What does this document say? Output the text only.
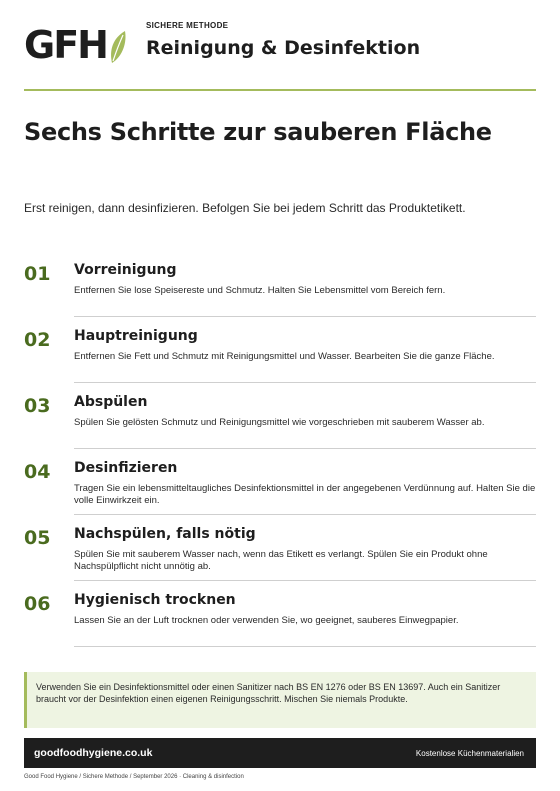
GFH	SICHERE METHODE
Reinigung & Desinfektion
Sechs Schritte zur sauberen Fläche

Erst reinigen, dann desinfizieren. Befolgen Sie bei jedem Schritt das Produktetikett.

01 Vorreinigung
Entfernen Sie lose Speisereste und Schmutz. Halten Sie Lebensmittel vom Bereich fern.
02 Hauptreinigung
Entfernen Sie Fett und Schmutz mit Reinigungsmittel und Wasser. Bearbeiten Sie die ganze Fläche.
03 Abspülen
Spülen Sie gelösten Schmutz und Reinigungsmittel wie vorgeschrieben mit sauberem Wasser ab.
04 Desinfizieren
Tragen Sie ein lebensmitteltaugliches Desinfektionsmittel in der angegebenen Verdünnung auf. Halten Sie die volle Einwirkzeit ein.
05 Nachspülen, falls nötig
Spülen Sie mit sauberem Wasser nach, wenn das Etikett es verlangt. Spülen Sie ein Produkt ohne Nachspülpflicht nicht unnötig ab.
06 Hygienisch trocknen
Lassen Sie an der Luft trocknen oder verwenden Sie, wo geeignet, sauberes Einwegpapier.

Verwenden Sie ein Desinfektionsmittel oder einen Sanitizer nach BS EN 1276 oder BS EN 13697. Auch ein Sanitizer braucht vor der Desinfektion einen eigenen Reinigungsschritt. Mischen Sie niemals Produkte.

goodfoodhygiene.co.uk	Kostenlose Küchenmaterialien
Good Food Hygiene / Sichere Methode / September 2026 · Cleaning & disinfection
